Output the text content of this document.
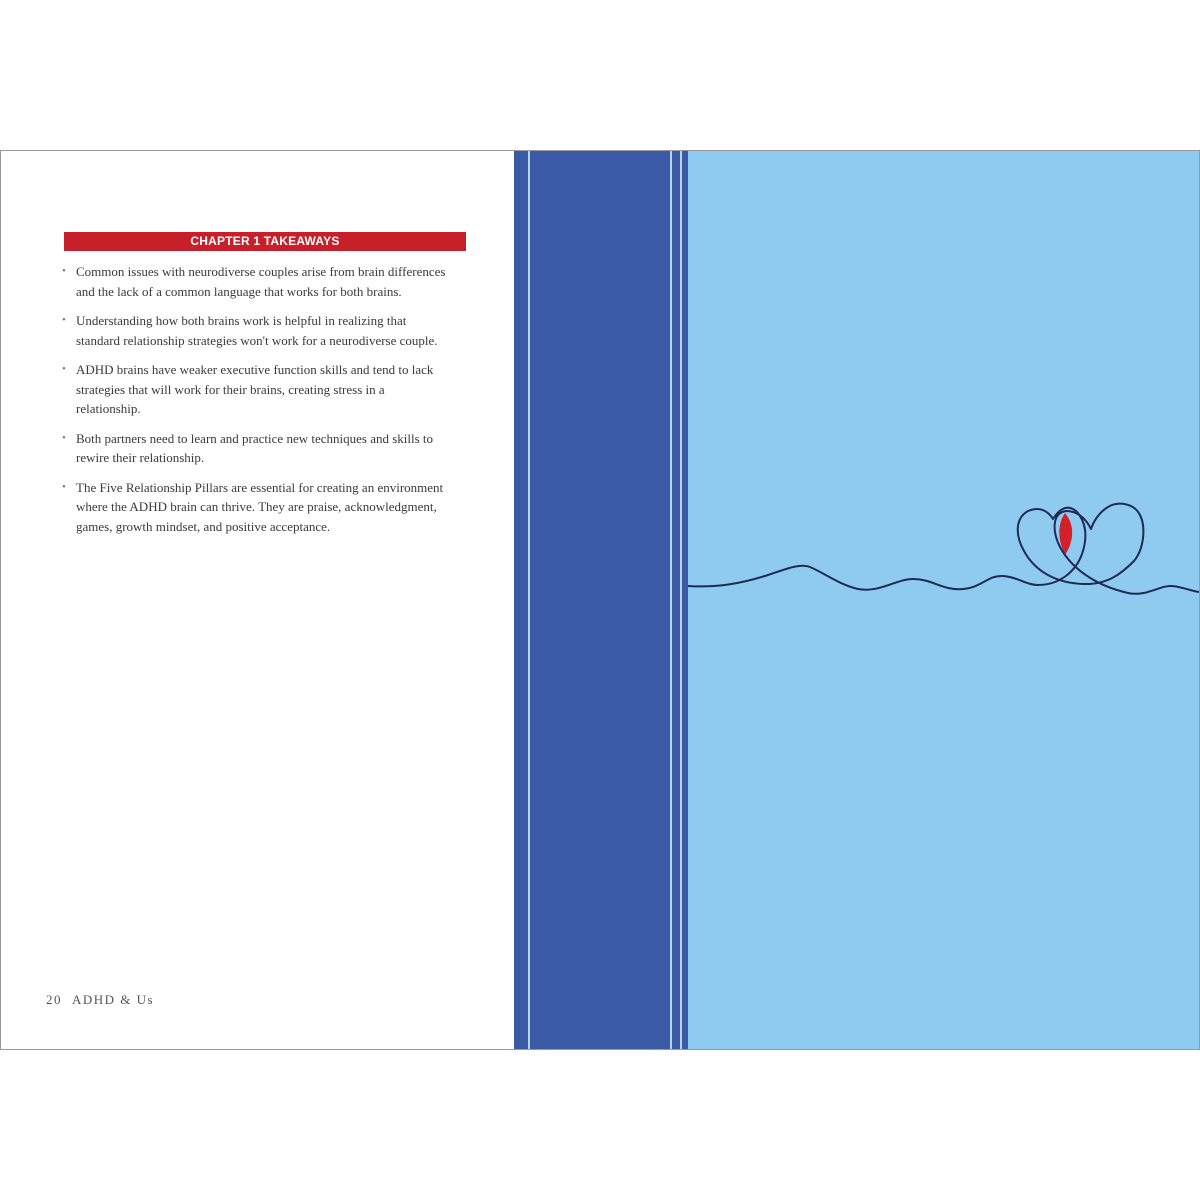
CHAPTER 1 TAKEAWAYS
• Common issues with neurodiverse couples arise from brain differences and the lack of a common language that works for both brains.
• Understanding how both brains work is helpful in realizing that standard relationship strategies won't work for a neurodiverse couple.
• ADHD brains have weaker executive function skills and tend to lack strategies that will work for their brains, creating stress in a relationship.
• Both partners need to learn and practice new techniques and skills to rewire their relationship.
• The Five Relationship Pillars are essential for creating an environment where the ADHD brain can thrive. They are praise, acknowledgment, games, growth mindset, and positive acceptance.
20 ADHD & Us
